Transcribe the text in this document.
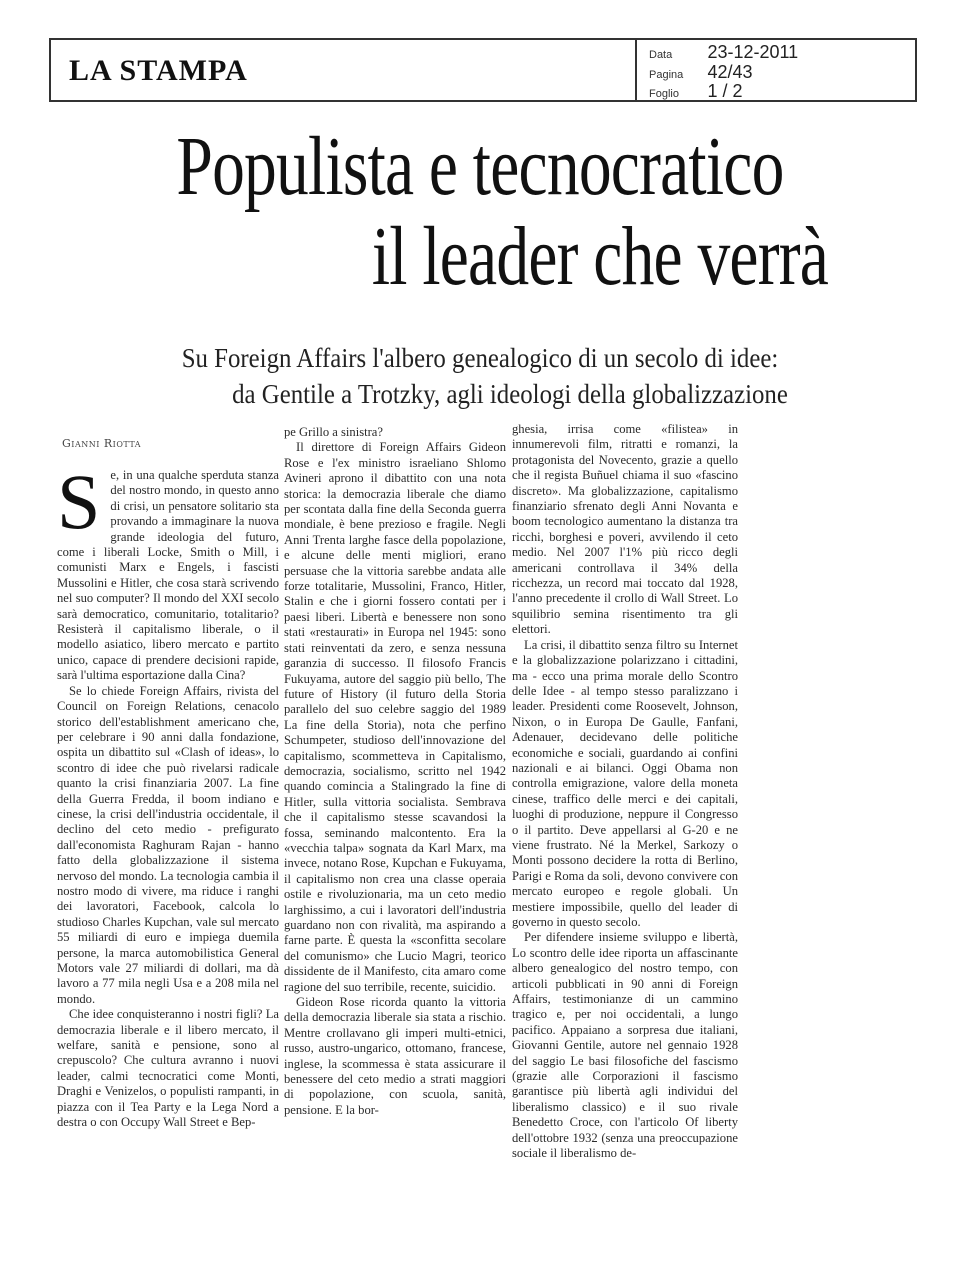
LA STAMPA	Data 23-12-2011
Pagina 42/43
Foglio 1 / 2
Populista e tecnocratico
il leader che verrà
Su Foreign Affairs l'albero genealogico di un secolo di idee:
da Gentile a Trotzky, agli ideologi della globalizzazione
Gianni Riotta

Se, in una qualche sperduta stanza del nostro mondo, in questo anno di crisi, un pensatore solitario sta provando a immaginare la nuova grande ideologia del futuro, come i liberali Locke, Smith o Mill, i comunisti Marx e Engels, i fascisti Mussolini e Hitler, che cosa starà scrivendo nel suo computer? Il mondo del XXI secolo sarà democratico, comunitario, totalitario? Resisterà il capitalismo liberale, o il modello asiatico, libero mercato e partito unico, capace di prendere decisioni rapide, sarà l'ultima esportazione dalla Cina?

Se lo chiede Foreign Affairs, rivista del Council on Foreign Relations, cenacolo storico dell'establishment americano che, per celebrare i 90 anni dalla fondazione, ospita un dibattito sul «Clash of ideas», lo scontro di idee che può rivelarsi radicale quanto la crisi finanziaria 2007. La fine della Guerra Fredda, il boom indiano e cinese, la crisi dell'industria occidentale, il declino del ceto medio - prefigurato dall'economista Raghuram Rajan - hanno fatto della globalizzazione il sistema nervoso del mondo. La tecnologia cambia il nostro modo di vivere, ma riduce i ranghi dei lavoratori, Facebook, calcola lo studioso Charles Kupchan, vale sul mercato 55 miliardi di euro e impiega duemila persone, la marca automobilistica General Motors vale 27 miliardi di dollari, ma dà lavoro a 77 mila negli Usa e a 208 mila nel mondo.

Che idee conquisteranno i nostri figli? La democrazia liberale e il libero mercato, il welfare, sanità e pensione, sono al crepuscolo? Che cultura avranno i nuovi leader, calmi tecnocratici come Monti, Draghi e Venizelos, o populisti rampanti, in piazza con il Tea Party e la Lega Nord a destra o con Occupy Wall Street e Bep-

pe Grillo a sinistra?

Il direttore di Foreign Affairs Gideon Rose e l'ex ministro israeliano Shlomo Avineri aprono il dibattito con una nota storica: la democrazia liberale che diamo per scontata dalla fine della Seconda guerra mondiale, è bene prezioso e fragile. Negli Anni Trenta larghe fasce della popolazione, e alcune delle menti migliori, erano persuase che la vittoria sarebbe andata alle forze totalitarie, Mussolini, Franco, Hitler, Stalin e che i giorni fossero contati per i paesi liberi. Libertà e benessere non sono stati «restaurati» in Europa nel 1945: sono stati reinventati da zero, e senza nessuna garanzia di successo. Il filosofo Francis Fukuyama, autore del saggio più bello, The future of History (il futuro della Storia parallelo del suo celebre saggio del 1989 La fine della Storia), nota che perfino Schumpeter, studioso dell'innovazione del capitalismo, scommetteva in Capitalismo, democrazia, socialismo, scritto nel 1942 quando comincia a Stalingrado la fine di Hitler, sulla vittoria socialista. Sembrava che il capitalismo stesse scavandosi la fossa, seminando malcontento. Era la «vecchia talpa» sognata da Karl Marx, ma invece, notano Rose, Kupchan e Fukuyama, il capitalismo non crea una classe operaia ostile e rivoluzionaria, ma un ceto medio larghissimo, a cui i lavoratori dell'industria guardano non con rivalità, ma aspirando a farne parte. È questa la «sconfitta secolare del comunismo» che Lucio Magri, teorico dissidente de il Manifesto, cita amaro come ragione del suo terribile, recente, suicidio.

Gideon Rose ricorda quanto la vittoria della democrazia liberale sia stata a rischio. Mentre crollavano gli imperi multi-etnici, russo, austro-ungarico, ottomano, francese, inglese, la scommessa è stata assicurare il benessere del ceto medio a strati maggiori di popolazione, con scuola, sanità, pensione. E la bor-

ghesia, irrisa come «filistea» in innumerevoli film, ritratti e romanzi, la protagonista del Novecento, grazie a quello che il regista Buñuel chiama il suo «fascino discreto». Ma globalizzazione, capitalismo finanziario sfrenato degli Anni Novanta e boom tecnologico aumentano la distanza tra ricchi, borghesi e poveri, avvilendo il ceto medio. Nel 2007 l'1% più ricco degli americani controllava il 34% della ricchezza, un record mai toccato dal 1928, l'anno precedente il crollo di Wall Street. Lo squilibrio semina risentimento tra gli elettori.

La crisi, il dibattito senza filtro su Internet e la globalizzazione polarizzano i cittadini, ma - ecco una prima morale dello Scontro delle Idee - al tempo stesso paralizzano i leader. Presidenti come Roosevelt, Johnson, Nixon, o in Europa De Gaulle, Fanfani, Adenauer, decidevano delle politiche economiche e sociali, guardando ai confini nazionali e ai bilanci. Oggi Obama non controlla emigrazione, valore della moneta cinese, traffico delle merci e dei capitali, luoghi di produzione, neppure il Congresso o il partito. Deve appellarsi al G-20 e ne viene frustrato. Né la Merkel, Sarkozy o Monti possono decidere la rotta di Berlino, Parigi e Roma da soli, devono convivere con mercato europeo e regole globali. Un mestiere impossibile, quello del leader di governo in questo secolo.

Per difendere insieme sviluppo e libertà, Lo scontro delle idee riporta un affascinante albero genealogico del nostro tempo, con articoli pubblicati in 90 anni di Foreign Affairs, testimonianze di un cammino tragico e, per noi occidentali, a lungo pacifico. Appaiano a sorpresa due italiani, Giovanni Gentile, autore nel gennaio 1928 del saggio Le basi filosofiche del fascismo (grazie alle Corporazioni il fascismo garantisce più libertà agli individui del liberalismo classico) e il suo rivale Benedetto Croce, con l'articolo Of liberty dell'ottobre 1932 (senza una preoccupazione sociale il liberalismo de-
